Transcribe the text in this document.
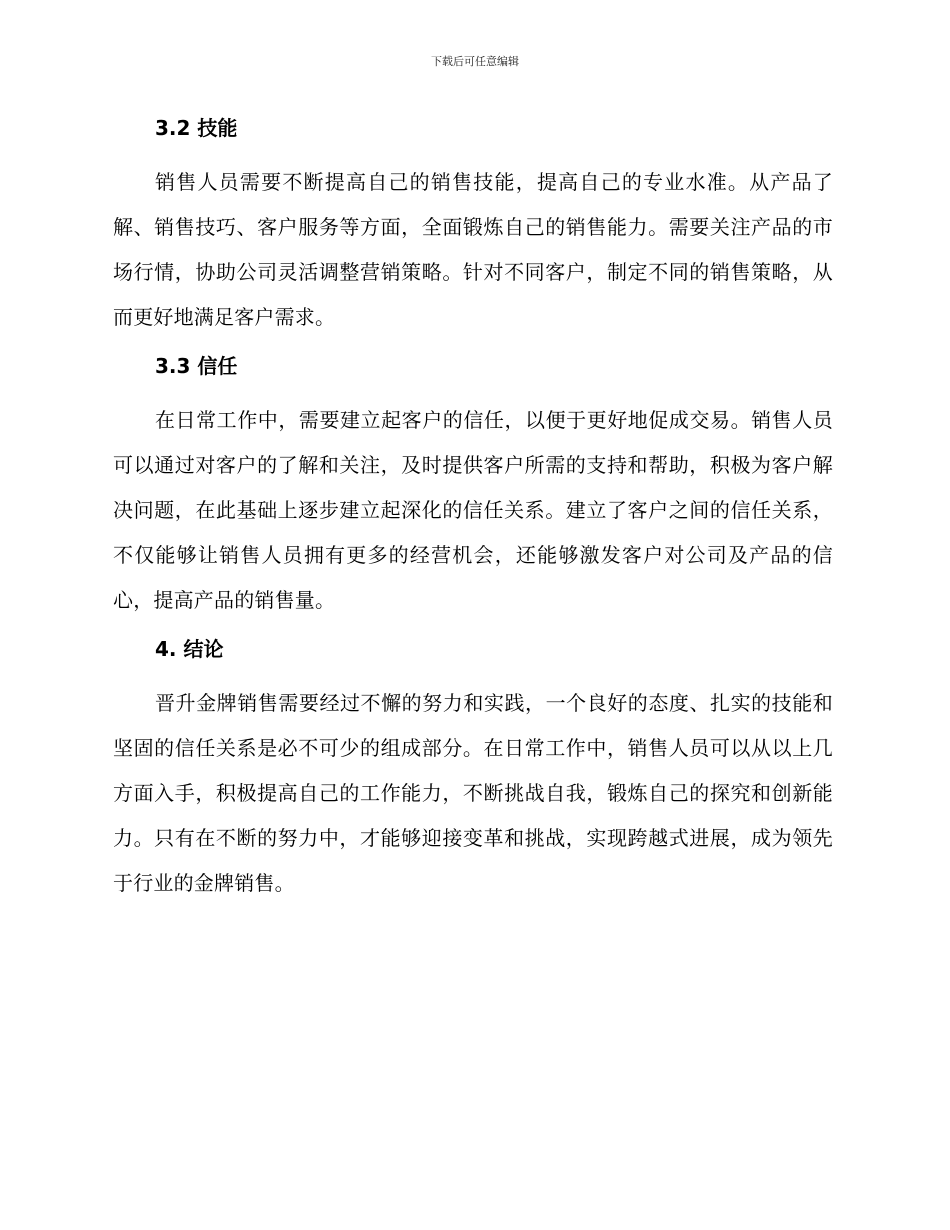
下载后可任意编辑
3.2 技能

销售人员需要不断提高自己的销售技能，提高自己的专业水准。从产品了解、销售技巧、客户服务等方面，全面锻炼自己的销售能力。需要关注产品的市场行情，协助公司灵活调整营销策略。针对不同客户，制定不同的销售策略，从而更好地满足客户需求。

3.3 信任

在日常工作中，需要建立起客户的信任，以便于更好地促成交易。销售人员可以通过对客户的了解和关注，及时提供客户所需的支持和帮助，积极为客户解决问题，在此基础上逐步建立起深化的信任关系。建立了客户之间的信任关系，不仅能够让销售人员拥有更多的经营机会，还能够激发客户对公司及产品的信心，提高产品的销售量。

4. 结论

晋升金牌销售需要经过不懈的努力和实践，一个良好的态度、扎实的技能和坚固的信任关系是必不可少的组成部分。在日常工作中，销售人员可以从以上几方面入手，积极提高自己的工作能力，不断挑战自我，锻炼自己的探究和创新能力。只有在不断的努力中，才能够迎接变革和挑战，实现跨越式进展，成为领先于行业的金牌销售。
